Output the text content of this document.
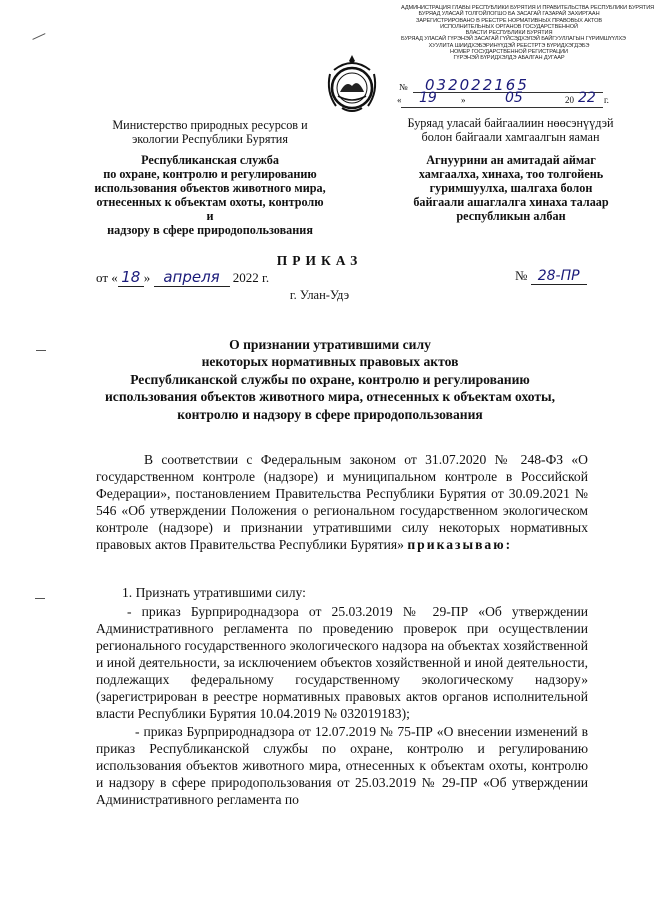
АДМИНИСТРАЦИЯ ГЛАВЫ РЕСПУБЛИКИ БУРЯТИЯ И ПРАВИТЕЛЬСТВА РЕСПУБЛИКИ БУРЯТИЯ
БУРЯАД УЛАСАЙ ТОЛГОЙЛОГШО БА ЗАСАГАЙ ГАЗАРАЙ ЗАХИРГААН
ЗАРЕГИСТРИРОВАНО В РЕЕСТРЕ НОРМАТИВНЫХ ПРАВОВЫХ АКТОВ
ИСПОЛНИТЕЛЬНЫХ ОРГАНОВ ГОСУДАРСТВЕННОЙ
ВЛАСТИ РЕСПУБЛИКИ БУРЯТИЯ
БУРЯАД УЛАСАЙ ГҮРЭНЭЙ ЗАСАГАЙ ГҮЙСЭДХЭЛЭЙ БАЙГУУЛЛАГЫН ГҮРИМШҮҮЛХЭ
ХУУЛИТА ШИИДХЭБЭРИНҮҮДЭЙ РЕЕСТРТЭ БҮРИДХЭГДЭБЭ
НОМЕР ГОСУДАРСТВЕННОЙ РЕГИСТРАЦИИ
ГҮРЭНЭЙ БҮРИДХЭЛДЭ АБАЛГАН ДУГААР
№ 032022165
« 19	»	05	20 22 г.
Министерство природных ресурсов и
экологии Республики Бурятия
Буряад уласай байгаалиин нөөсэнүүдэй
болон байгаали хамгаалгын яаман
Республиканская служба
по охране, контролю и регулированию
использования объектов животного мира,
отнесенных к объектам охоты, контролю и
надзору в сфере природопользования
Агнуурини ан амитадай аймаг
хамгаалха, хинаха, тоо толгойень
гуримшуулха, шалгаха болон
байгаали ашаглалга хинаха талаар
республикын албан
ПРИКАЗ
от « 18 » апреля 2022 г.	№ 28-ПР
г. Улан-Удэ
О признании утратившими силу
некоторых нормативных правовых актов
Республиканской службы по охране, контролю и регулированию
использования объектов животного мира, отнесенных к объектам охоты,
контролю и надзору в сфере природопользования

В соответствии с Федеральным законом от 31.07.2020 № 248-ФЗ «О государственном контроле (надзоре) и муниципальном контроле в Российской Федерации», постановлением Правительства Республики Бурятия от 30.09.2021 № 546 «Об утверждении Положения о региональном государственном экологическом контроле (надзоре) и признании утратившими силу некоторых нормативных правовых актов Правительства Республики Бурятия» приказываю:

1. Признать утратившими силу:

- приказ Бурприроднадзора от 25.03.2019 № 29-ПР «Об утверждении Административного регламента по проведению проверок при осуществлении регионального государственного экологического надзора на объектах хозяйственной и иной деятельности, за исключением объектов хозяйственной и иной деятельности, подлежащих федеральному государственному экологическому надзору» (зарегистрирован в реестре нормативных правовых актов органов исполнительной власти Республики Бурятия 10.04.2019 № 032019183);

- приказ Бурприроднадзора от 12.07.2019 № 75-ПР «О внесении изменений в приказ Республиканской службы по охране, контролю и регулированию использования объектов животного мира, отнесенных к объектам охоты, контролю и надзору в сфере природопользования от 25.03.2019 № 29-ПР «Об утверждении Административного регламента по
